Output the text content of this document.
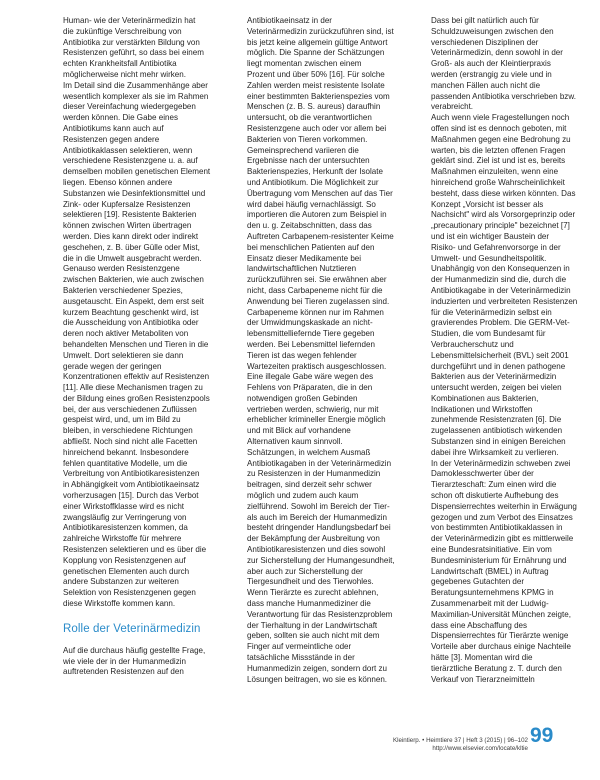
Human- wie der Veterinärmedizin hat

die zukünftige Verschreibung von

Antibiotika zur verstärkten Bildung von

Resistenzen geführt, so dass bei einem

echten Krankheitsfall Antibiotika

möglicherweise nicht mehr wirken.

Im Detail sind die Zusammenhänge aber

wesentlich komplexer als sie im Rahmen

dieser Vereinfachung wiedergegeben

werden können. Die Gabe eines

Antibiotikums kann auch auf

Resistenzen gegen andere

Antibiotikaklassen selektieren, wenn

verschiedene Resistenzgene u. a. auf

demselben mobilen genetischen Element

liegen. Ebenso können andere

Substanzen wie Desinfektionsmittel und

Zink- oder Kupfersalze Resistenzen

selektieren [19]. Resistente Bakterien

können zwischen Wirten übertragen

werden. Dies kann direkt oder indirekt

geschehen, z. B. über Gülle oder Mist,

die in die Umwelt ausgebracht werden.

Genauso werden Resistenzgene

zwischen Bakterien, wie auch zwischen

Bakterien verschiedener Spezies,

ausgetauscht. Ein Aspekt, dem erst seit

kurzem Beachtung geschenkt wird, ist

die Ausscheidung von Antibiotika oder

deren noch aktiver Metaboliten von

behandelten Menschen und Tieren in die

Umwelt. Dort selektieren sie dann

gerade wegen der geringen

Konzentrationen effektiv auf Resistenzen

[11]. Alle diese Mechanismen tragen zu

der Bildung eines großen Resistenzpools

bei, der aus verschiedenen Zuflüssen

gespeist wird, und, um im Bild zu

bleiben, in verschiedene Richtungen

abfließt. Noch sind nicht alle Facetten

hinreichend bekannt. Insbesondere

fehlen quantitative Modelle, um die

Verbreitung von Antibiotikaresistenzen

in Abhängigkeit vom Antibiotikaeinsatz

vorherzusagen [15]. Durch das Verbot

einer Wirkstoffklasse wird es nicht

zwangsläufig zur Verringerung von

Antibiotikaresistenzen kommen, da

zahlreiche Wirkstoffe für mehrere

Resistenzen selektieren und es über die

Kopplung von Resistenzgenen auf

genetischen Elementen auch durch

andere Substanzen zur weiteren

Selektion von Resistenzgenen gegen

diese Wirkstoffe kommen kann.

Rolle der Veterinärmedizin

Auf die durchaus häufig gestellte Frage,

wie viele der in der Humanmedizin

auftretenden Resistenzen auf den

Antibiotikaeinsatz in der

Veterinärmedizin zurückzuführen sind, ist

bis jetzt keine allgemein gültige Antwort

möglich. Die Spanne der Schätzungen

liegt momentan zwischen einem

Prozent und über 50% [16]. Für solche

Zahlen werden meist resistente Isolate

einer bestimmten Bakterienspezies vom

Menschen (z. B. S. aureus) daraufhin

untersucht, ob die verantwortlichen

Resistenzgene auch oder vor allem bei

Bakterien von Tieren vorkommen.

Gemeinsprechend variieren die

Ergebnisse nach der untersuchten

Bakterienspezies, Herkunft der Isolate

und Antibiotikum. Die Möglichkeit zur

Übertragung vom Menschen auf das Tier

wird dabei häufig vernachlässigt. So

importieren die Autoren zum Beispiel in

den u. g. Zeitabschnitten, dass das

Auftreten Carbapenem-resistenter Keime

bei menschlichen Patienten auf den

Einsatz dieser Medikamente bei

landwirtschaftlichen Nutztieren

zurückzuführen sei. Sie erwähnen aber

nicht, dass Carbapeneme nicht für die

Anwendung bei Tieren zugelassen sind.

Carbapeneme können nur im Rahmen

der Umwidmungskaskade an nicht-

lebensmittelliefernde Tiere gegeben

werden. Bei Lebensmittel liefernden

Tieren ist das wegen fehlender

Wartezeiten praktisch ausgeschlossen.

Eine illegale Gabe wäre wegen des

Fehlens von Präparaten, die in den

notwendigen großen Gebinden

vertrieben werden, schwierig, nur mit

erheblicher krimineller Energie möglich

und mit Blick auf vorhandene

Alternativen kaum sinnvoll.

Schätzungen, in welchem Ausmaß

Antibiotikagaben in der Veterinärmedizin

zu Resistenzen in der Humanmedizin

beitragen, sind derzeit sehr schwer

möglich und zudem auch kaum

zielführend. Sowohl im Bereich der Tier-

als auch im Bereich der Humanmedizin

besteht dringender Handlungsbedarf bei

der Bekämpfung der Ausbreitung von

Antibiotikaresistenzen und dies sowohl

zur Sicherstellung der Humangesundheit,

aber auch zur Sicherstellung der

Tiergesundheit und des Tierwohles.

Wenn Tierärzte es zurecht ablehnen,

dass manche Humanmediziner die

Verantwortung für das Resistenzproblem

der Tierhaltung in der Landwirtschaft

geben, sollten sie auch nicht mit dem

Finger auf vermeintliche oder

tatsächliche Missstände in der

Humanmedizin zeigen, sondern dort zu

Lösungen beitragen, wo sie es können.

Dass bei gilt natürlich auch für

Schuldzuweisungen zwischen den

verschiedenen Disziplinen der

Veterinärmedizin, denn sowohl in der

Groß- als auch der Kleintierpraxis

werden (erstrangig zu viele und in

manchen Fällen auch nicht die

passenden Antibiotika verschrieben bzw.

verabreicht.

Auch wenn viele Fragestellungen noch

offen sind ist es dennoch geboten, mit

Maßnahmen gegen eine Bedrohung zu

warten, bis die letzten offenen Fragen

geklärt sind. Ziel ist und ist es, bereits

Maßnahmen einzuleiten, wenn eine

hinreichend große Wahrscheinlichkeit

besteht, dass diese wirken könnten. Das

Konzept „Vorsicht ist besser als

Nachsicht" wird als Vorsorgeprinzip oder

„precautionary principle" bezeichnet [7]

und ist ein wichtiger Baustein der

Risiko- und Gefahrenvorsorge in der

Umwelt- und Gesundheitspolitik.

Unabhängig von den Konsequenzen in

der Humanmedizin sind die, durch die

Antibiotikagabe in der Veterinärmedizin

induzierten und verbreiteten Resistenzen

für die Veterinärmedizin selbst ein

gravierendes Problem. Die GERM-Vet-

Studien, die vom Bundesamt für

Verbraucherschutz und

Lebensmittelsicherheit (BVL) seit 2001

durchgeführt und in denen pathogene

Bakterien aus der Veterinärmedizin

untersucht werden, zeigen bei vielen

Kombinationen aus Bakterien,

Indikationen und Wirkstoffen

zunehmende Resistenzraten [6]. Die

zugelassenen antibiotisch wirkenden

Substanzen sind in einigen Bereichen

dabei ihre Wirksamkeit zu verlieren.

In der Veterinärmedizin schweben zwei

Damoklesschwerter über der

Tierarzteschaft: Zum einen wird die

schon oft diskutierte Aufhebung des

Dispensierrechtes weiterhin in Erwägung

gezogen und zum Verbot des Einsatzes

von bestimmten Antibiotikaklassen in

der Veterinärmedizin gibt es mittlerweile

eine Bundesratsinitiative. Ein vom

Bundesministerium für Ernährung und

Landwirtschaft (BMEL) in Auftrag

gegebenes Gutachten der

Beratungsunternehmens KPMG in

Zusammenarbeit mit der Ludwig-

Maximilian-Universität München zeigte,

dass eine Abschaffung des

Dispensierrechtes für Tierärzte wenige

Vorteile aber durchaus einige Nachteile

hätte [3]. Momentan wird die

tierärztliche Beratung z. T. durch den

Verkauf von Tierarzneimitteln

Kleintierp. • Heimtiere 37 | Heft 3 (2015) | 96–102
http://www.elsevier.com/locate/kltie
99
